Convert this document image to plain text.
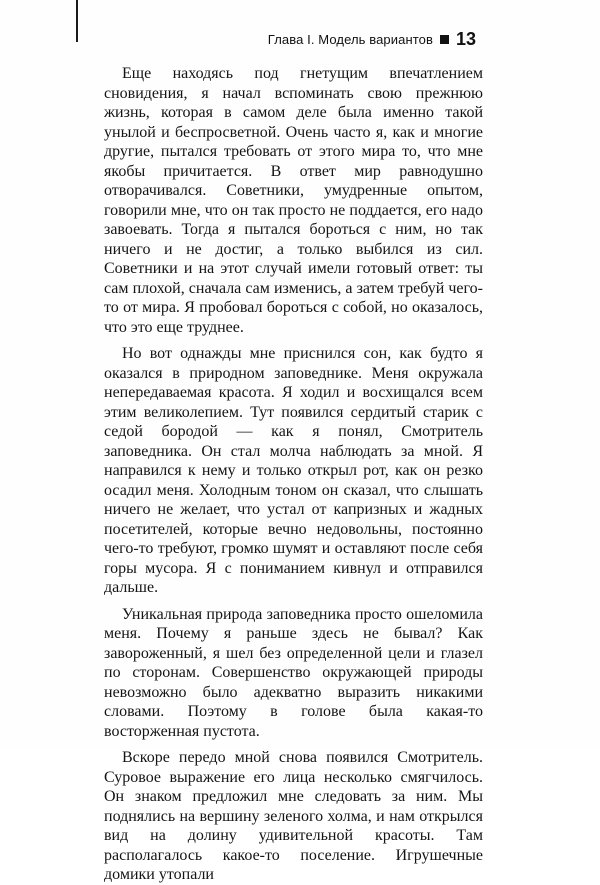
Глава I. Модель вариантов 13

Еще находясь под гнетущим впечатлением сновидения, я начал вспоминать свою прежнюю жизнь, которая в самом деле была именно такой унылой и беспросветной. Очень часто я, как и многие другие, пытался требовать от этого мира то, что мне якобы причитается. В ответ мир равнодушно отворачивался. Советники, умудренные опытом, говорили мне, что он так просто не поддается, его надо завоевать. Тогда я пытался бороться с ним, но так ничего и не достиг, а только выбился из сил. Советники и на этот случай имели готовый ответ: ты сам плохой, сначала сам изменись, а затем требуй чего-то от мира. Я пробовал бороться с собой, но оказалось, что это еще труднее.

Но вот однажды мне приснился сон, как будто я оказался в природном заповеднике. Меня окружала непередаваемая красота. Я ходил и восхищался всем этим великолепием. Тут появился сердитый старик с седой бородой — как я понял, Смотритель заповедника. Он стал молча наблюдать за мной. Я направился к нему и только открыл рот, как он резко осадил меня. Холодным тоном он сказал, что слышать ничего не желает, что устал от капризных и жадных посетителей, которые вечно недовольны, постоянно чего-то требуют, громко шумят и оставляют после себя горы мусора. Я с пониманием кивнул и отправился дальше.

Уникальная природа заповедника просто ошеломила меня. Почему я раньше здесь не бывал? Как завороженный, я шел без определенной цели и глазел по сторонам. Совершенство окружающей природы невозможно было адекватно выразить никакими словами. Поэтому в голове была какая-то восторженная пустота.

Вскоре передо мной снова появился Смотритель. Суровое выражение его лица несколько смягчилось. Он знаком предложил мне следовать за ним. Мы поднялись на вершину зеленого холма, и нам открылся вид на долину удивительной красоты. Там располагалось какое-то поселение. Игрушечные домики утопали
